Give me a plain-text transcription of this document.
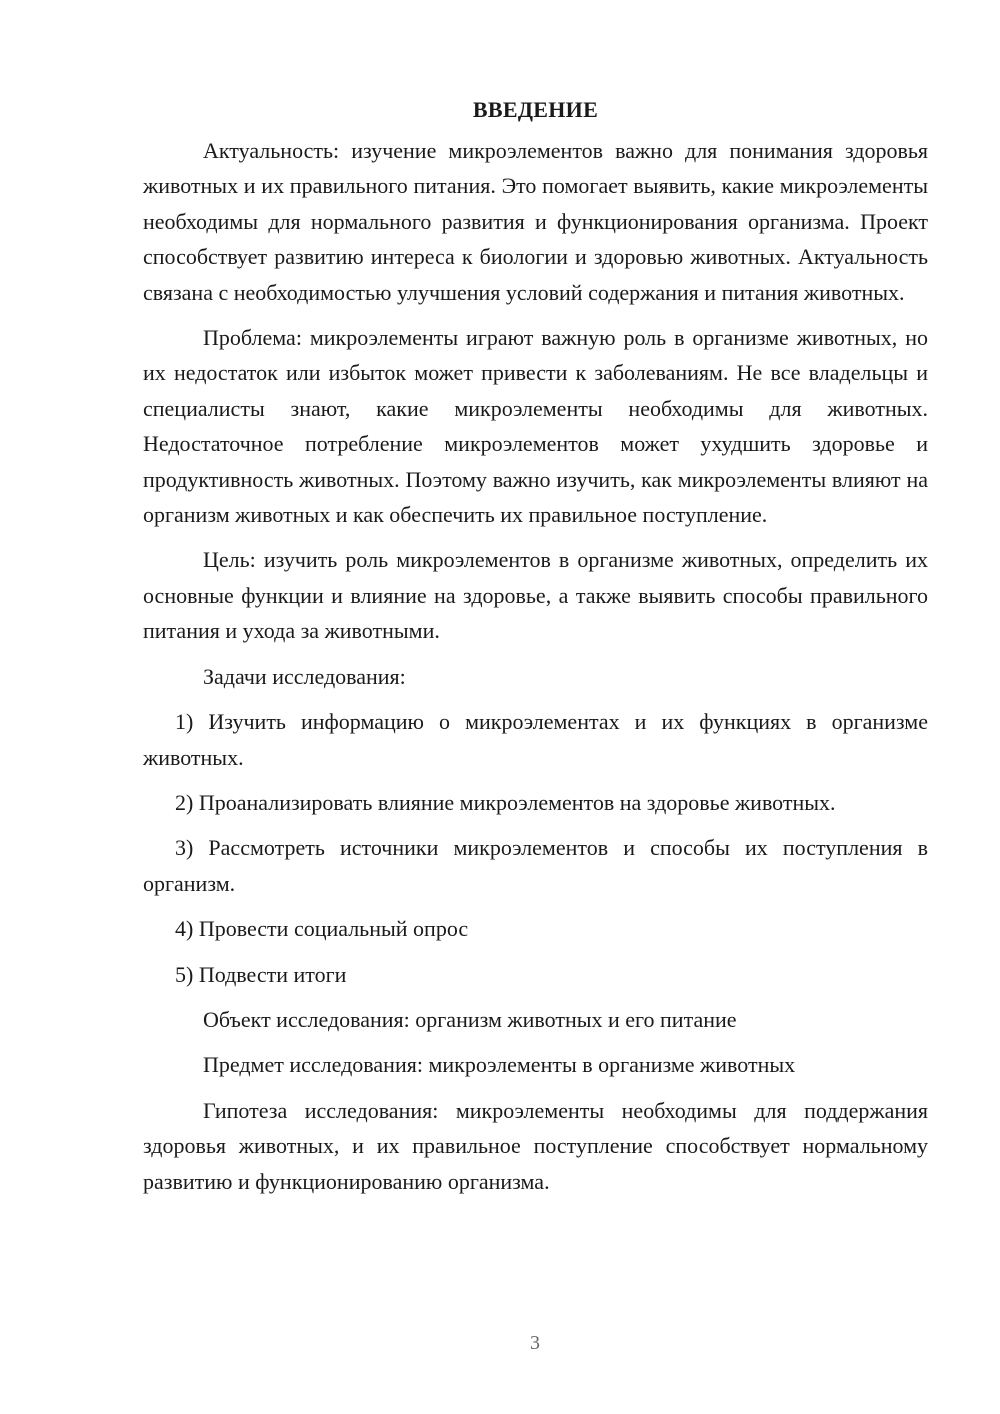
ВВЕДЕНИЕ

Актуальность: изучение микроэлементов важно для понимания здоровья животных и их правильного питания. Это помогает выявить, какие микроэлементы необходимы для нормального развития и функционирования организма. Проект способствует развитию интереса к биологии и здоровью животных. Актуальность связана с необходимостью улучшения условий содержания и питания животных.

Проблема: микроэлементы играют важную роль в организме животных, но их недостаток или избыток может привести к заболеваниям. Не все владельцы и специалисты знают, какие микроэлементы необходимы для животных. Недостаточное потребление микроэлементов может ухудшить здоровье и продуктивность животных. Поэтому важно изучить, как микроэлементы влияют на организм животных и как обеспечить их правильное поступление.

Цель: изучить роль микроэлементов в организме животных, определить их основные функции и влияние на здоровье, а также выявить способы правильного питания и ухода за животными.

Задачи исследования:

1) Изучить информацию о микроэлементах и их функциях в организме животных.

2) Проанализировать влияние микроэлементов на здоровье животных.

3) Рассмотреть источники микроэлементов и способы их поступления в организм.

4) Провести социальный опрос

5) Подвести итоги

Объект исследования: организм животных и его питание

Предмет исследования: микроэлементы в организме животных

Гипотеза исследования: микроэлементы необходимы для поддержания здоровья животных, и их правильное поступление способствует нормальному развитию и функционированию организма.

3
